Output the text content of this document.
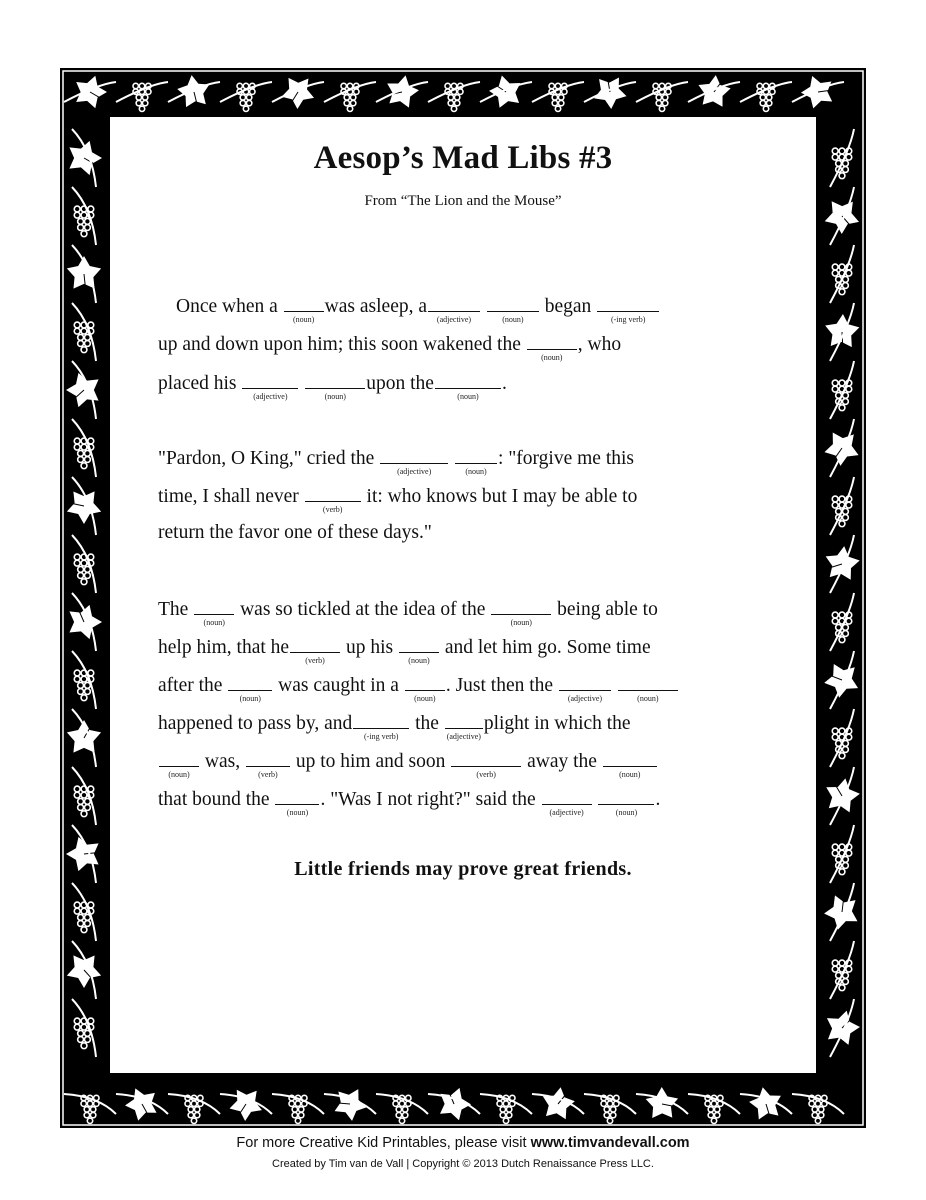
Aesop’s Mad Libs #3
From “The Lion and the Mouse”
Once when a
(noun)
was asleep, a
(adjective)
	(noun)
began
(-ing verb)
up and down upon him; this soon wakened the
(noun)
, who
placed his
(adjective)
	(noun)
upon the
(noun)
.
"Pardon, O King," cried the
(adjective)
	(noun)
: "forgive me this
time, I shall never
(verb)
it: who knows but I may be able to
return the favor one of these days."
The
(noun)
was so tickled at the idea of the
(noun)
being able to
help him, that he
(verb)
up his
(noun)
and let him go. Some time
after the
(noun)
was caught in a
(noun)
. Just then the
(adjective)
	(noun)
happened to pass by, and
(-ing verb)
the
(adjective)
plight in which the
(noun)
was,
(verb)
up to him and soon
(verb)
away the
(noun)
that bound the
(noun)
. "Was I not right?" said the
(adjective)
	(noun)
.
Little friends may prove great friends.
For more Creative Kid Printables, please visit www.timvandevall.com
Created by Tim van de Vall | Copyright © 2013 Dutch Renaissance Press LLC.
